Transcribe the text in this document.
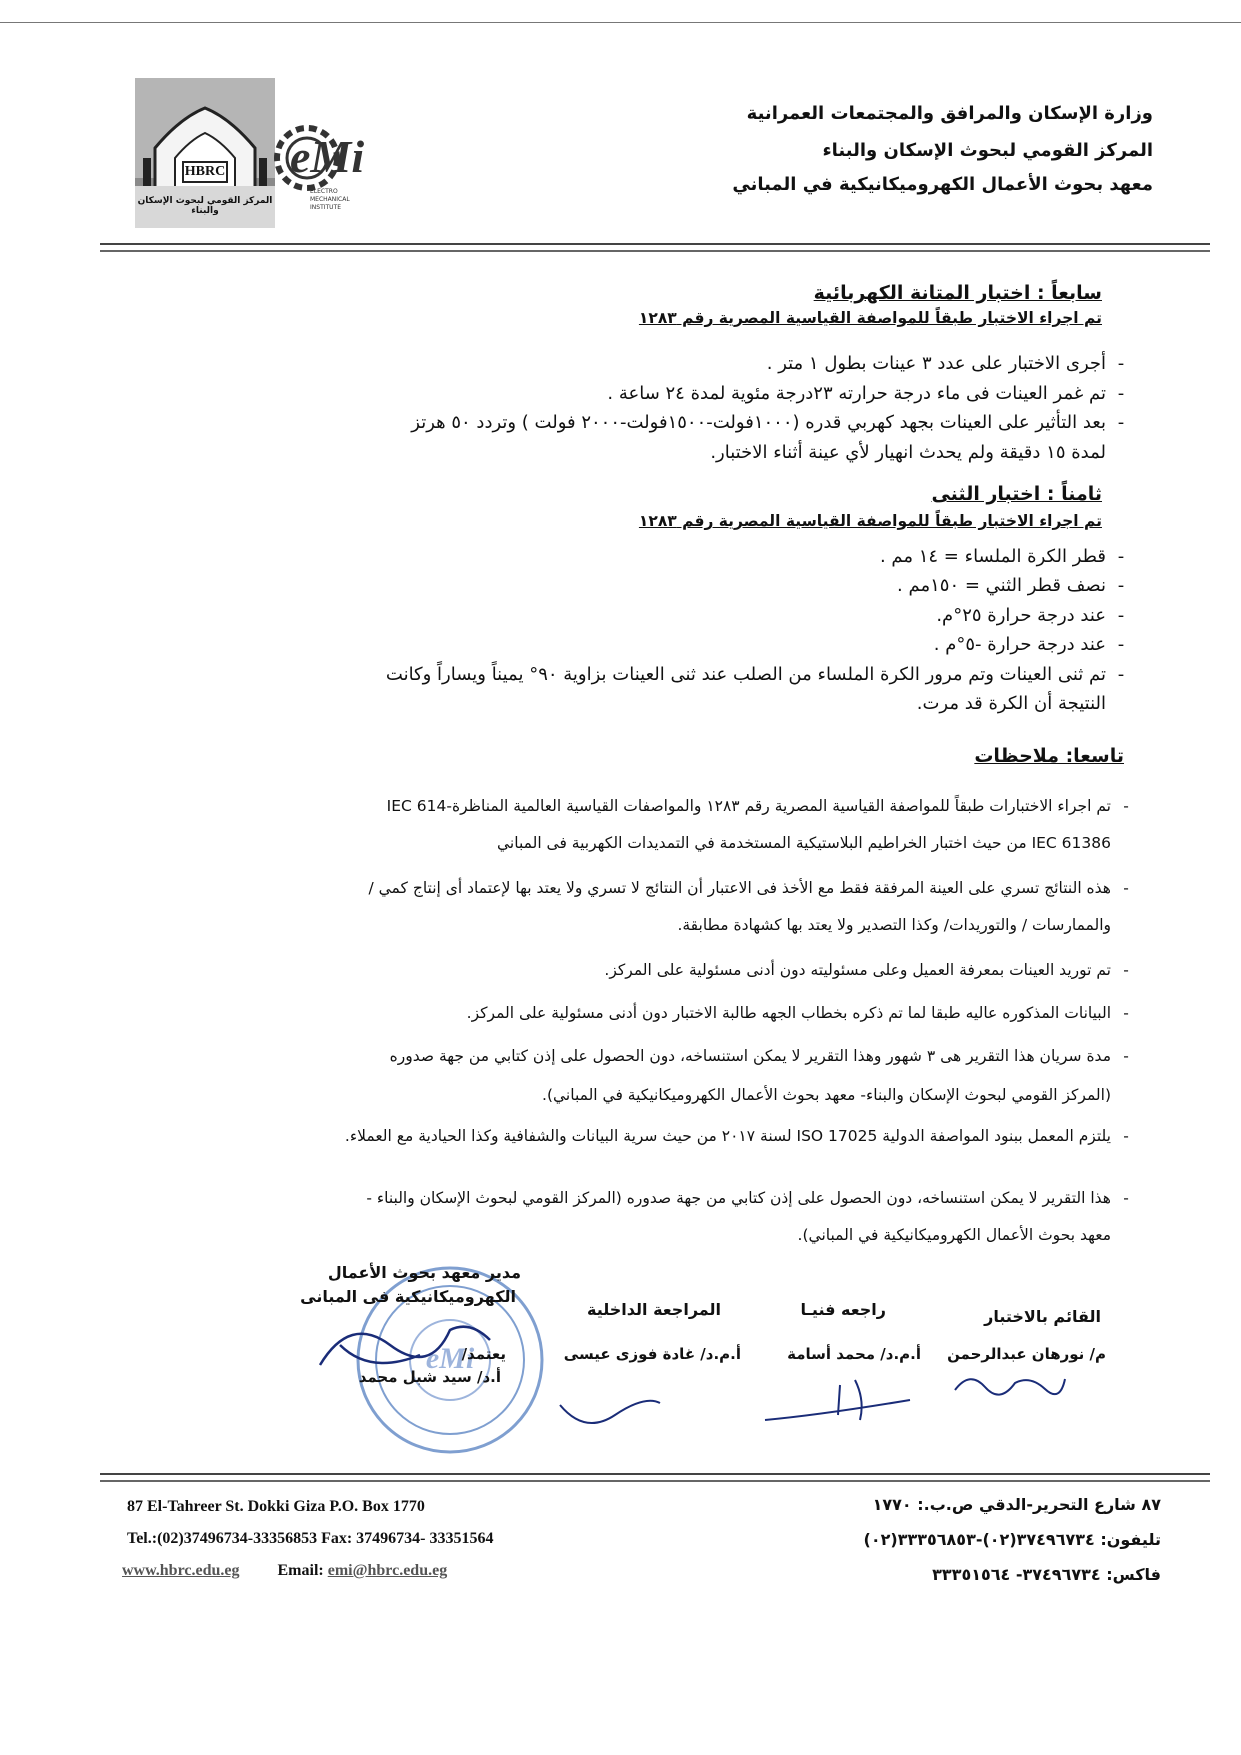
HBRC
المركز القومي لبحوث الإسكان والبناء
eMi
ELECTRO MECHANICAL INSTITUTE
وزارة الإسكان والمرافق والمجتمعات العمرانية
المركز القومي لبحوث الإسكان والبناء
معهد بحوث الأعمال الكهروميكانيكية في المباني
سابعاً : اختبار المتانة الكهربائية
تم اجراء الاختبار طبقاً للمواصفة القياسية المصرية رقم ١٢٨٣
-أجرى الاختبار على عدد ٣ عينات بطول ١ متر .
-تم غمر العينات فى ماء درجة حرارته ٢٣درجة مئوية لمدة ٢٤ ساعة .
-بعد التأثير على العينات بجهد كهربي قدره (١٠٠٠فولت-١٥٠٠فولت-٢٠٠٠ فولت ) وتردد ٥٠ هرتز
لمدة ١٥ دقيقة ولم يحدث انهيار لأي عينة أثناء الاختبار.
ثامناً : اختبار الثنى
تم اجراء الاختبار طبقاً للمواصفة القياسية المصرية رقم ١٢٨٣
-قطر الكرة الملساء = ١٤ مم .
-نصف قطر الثني = ١٥٠مم .
-عند درجة حرارة ٢٥°م.
-عند درجة حرارة -٥°م .
-تم ثنى العينات وتم مرور الكرة الملساء من الصلب عند ثنى العينات بزاوية ٩٠° يميناً ويساراً وكانت
النتيجة أن الكرة قد مرت.
تاسعا: ملاحظات
-تم اجراء الاختبارات طبقاً للمواصفة القياسية المصرية رقم ١٢٨٣ والمواصفات القياسية العالمية المناظرة-IEC 614
IEC 61386 من حيث اختبار الخراطيم البلاستيكية المستخدمة في التمديدات الكهربية فى المباني
-هذه النتائج تسري على العينة المرفقة فقط مع الأخذ فى الاعتبار أن النتائج لا تسري ولا يعتد بها لإعتماد أى إنتاج كمي /
والممارسات / والتوريدات/ وكذا التصدير ولا يعتد بها كشهادة مطابقة.
-تم توريد العينات بمعرفة العميل وعلى مسئوليته دون أدنى مسئولية على المركز.
-البيانات المذكوره عاليه طبقا لما تم ذكره بخطاب الجهه طالبة الاختبار دون أدنى مسئولية على المركز.
-مدة سريان هذا التقرير هى ٣ شهور وهذا التقرير لا يمكن استنساخه، دون الحصول على إذن كتابي من جهة صدوره
(المركز القومي لبحوث الإسكان والبناء- معهد بحوث الأعمال الكهروميكانيكية في المباني).
-يلتزم المعمل ببنود المواصفة الدولية ISO 17025 لسنة ٢٠١٧ من حيث سرية البيانات والشفافية وكذا الحيادية مع العملاء.
-هذا التقرير لا يمكن استنساخه، دون الحصول على إذن كتابي من جهة صدوره (المركز القومي لبحوث الإسكان والبناء -
معهد بحوث الأعمال الكهروميكانيكية في المباني).
eMi
القائم بالاختبار
راجعه فنيـا
المراجعة الداخلية
مدير معهد بحوث الأعمال
الكهروميكانيكية فى المبانى
م/ نورهان عبدالرحمن
أ.م.د/ محمد أسامة
أ.م.د/ غادة فوزى عيسى
يعتمد/
أ.د/ سيد شبل محمد
87 El-Tahreer St. Dokki Giza P.O. Box 1770
Tel.:(02)37496734-33356853 Fax: 37496734- 33351564
www.hbrc.edu.eg Email: emi@hbrc.edu.eg
٨٧ شارع التحرير-الدقي ص.ب.: ١٧٧٠
تليفون: ٣٧٤٩٦٧٣٤(٠٢)-٣٣٣٥٦٨٥٣(٠٢)
فاكس: ٣٧٤٩٦٧٣٤- ٣٣٣٥١٥٦٤
